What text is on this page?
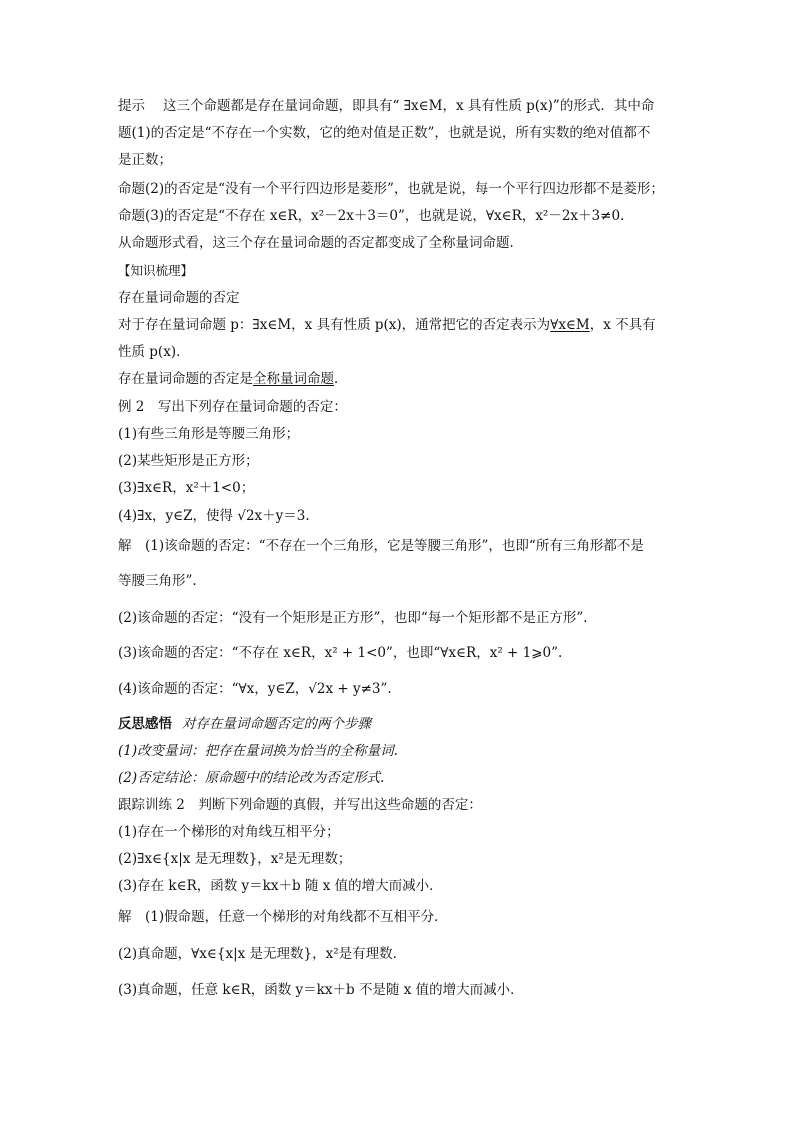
提示 这三个命题都是存在量词命题，即具有“ ∃x∈M，x 具有性质 p(x)”的形式．其中命
题(1)的否定是“不存在一个实数，它的绝对值是正数”，也就是说，所有实数的绝对值都不
是正数；
命题(2)的否定是“没有一个平行四边形是菱形”，也就是说，每一个平行四边形都不是菱形；
命题(3)的否定是“不存在 x∈R，x²－2x＋3＝0”，也就是说，∀x∈R，x²－2x＋3≠0.
从命题形式看，这三个存在量词命题的否定都变成了全称量词命题．
【知识梳理】
存在量词命题的否定
对于存在量词命题 p：∃x∈M，x 具有性质 p(x)，通常把它的否定表示为∀x∈M，x 不具有
性质 p(x)．
存在量词命题的否定是全称量词命题．
例 2　写出下列存在量词命题的否定：
(1)有些三角形是等腰三角形；
(2)某些矩形是正方形；
(3)∃x∈R，x²＋1<0；
(4)∃x，y∈Z，使得 √2x＋y＝3.
解　(1)该命题的否定：“不存在一个三角形，它是等腰三角形”，也即“所有三角形都不是
等腰三角形”.
(2)该命题的否定：“没有一个矩形是正方形”，也即“每一个矩形都不是正方形”.
(3)该命题的否定：“不存在 x∈R，x² + 1<0”，也即“∀x∈R，x² + 1⩾0”.
(4)该命题的否定：“∀x，y∈Z，√2x + y≠3”.
反思感悟 对存在量词命题否定的两个步骤
(1)改变量词：把存在量词换为恰当的全称量词.
(2)否定结论：原命题中的结论改为否定形式.
跟踪训练 2　判断下列命题的真假，并写出这些命题的否定：
(1)存在一个梯形的对角线互相平分；
(2)∃x∈{x|x 是无理数}，x²是无理数；
(3)存在 k∈R，函数 y＝kx＋b 随 x 值的增大而减小．
解　(1)假命题，任意一个梯形的对角线都不互相平分．
(2)真命题，∀x∈{x|x 是无理数}，x²是有理数．
(3)真命题，任意 k∈R，函数 y＝kx＋b 不是随 x 值的增大而减小．
